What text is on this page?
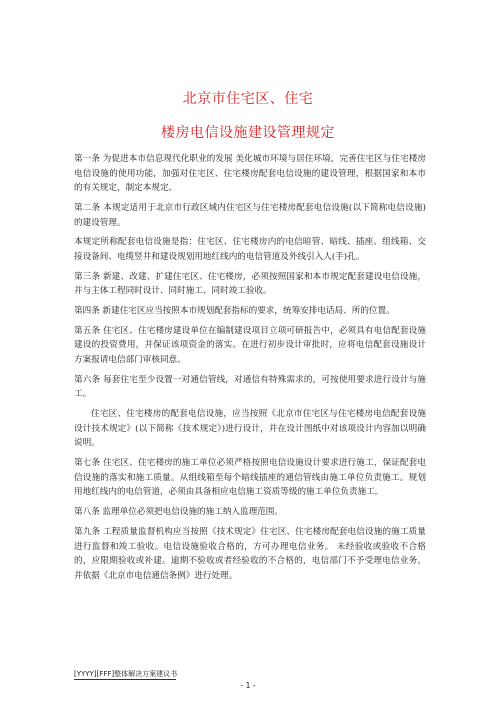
北京市住宅区、住宅
楼房电信设施建设管理规定

第一条 为促进本市信息现代化职业的发展 美化城市环境与居住环境，完善住宅区与住宅楼房电信设施的使用功能，加强对住宅区、住宅楼房配套电信设施的建设管理，根据国家和本市的有关规定，制定本规定。

第二条 本规定适用于北京市行政区域内住宅区与住宅楼房配套电信设施(以下简称电信设施)的建设管理。

本规定所称配套电信设施是指：住宅区、住宅楼房内的电信暗管、暗线、插座、组线箱、交接设备间、电缆竖井和建设规划用地红线内的电信管道及外线引入人(手)孔。

第三条 新建、改建、扩建住宅区、住宅楼房，必须按照国家和本市规定配套建设电信设施，并与主体工程同时设计、同时施工、同时竣工验收。

第四条 新建住宅区应当按照本市规划配套指标的要求，统筹安排电话局、所的位置。

第五条 住宅区、住宅楼房建设单位在编制建设项目立项可研报告中，必须具有电信配套设施建设的投资费用，并保证该项资金的落实。在进行初步设计审批时，应将电信配套设施设计方案报请电信部门审核同意。

第六条 每套住宅至少设置一对通信管线，对通信有特殊需求的，可按使用要求进行设计与施工。

住宅区、住宅楼房的配套电信设施，应当按照《北京市住宅区与住宅楼房电信配套设施设计技术规定》(以下简称《技术规定》)进行设计，并在设计图纸中对该项设计内容加以明确说明。

第七条 住宅区、住宅楼房的施工单位必须严格按照电信设施设计要求进行施工，保证配套电信设施的落实和施工质量。从组线箱至每个暗线插座的通信管线由施工单位负责施工。规划用地红线内的电信管道，必须由具备相应电信施工资质等级的施工单位负责施工。

第八条 监理单位必须把电信设施的施工纳入监理范围。

第九条 工程质量监督机构应当按照《技术规定》住宅区、住宅楼房配套电信设施的施工质量进行监督和竣工验收。电信设施验收合格的，方可办理电信业务。 未经验收或验收不合格的，应限期验收或补建。逾期不验收或者经验收的不合格的，电信部门不予受理电信业务。并依据《北京市电信通信条例》进行处理。

[YYYY][FFF]整体解决方案建议书
- 1 -
